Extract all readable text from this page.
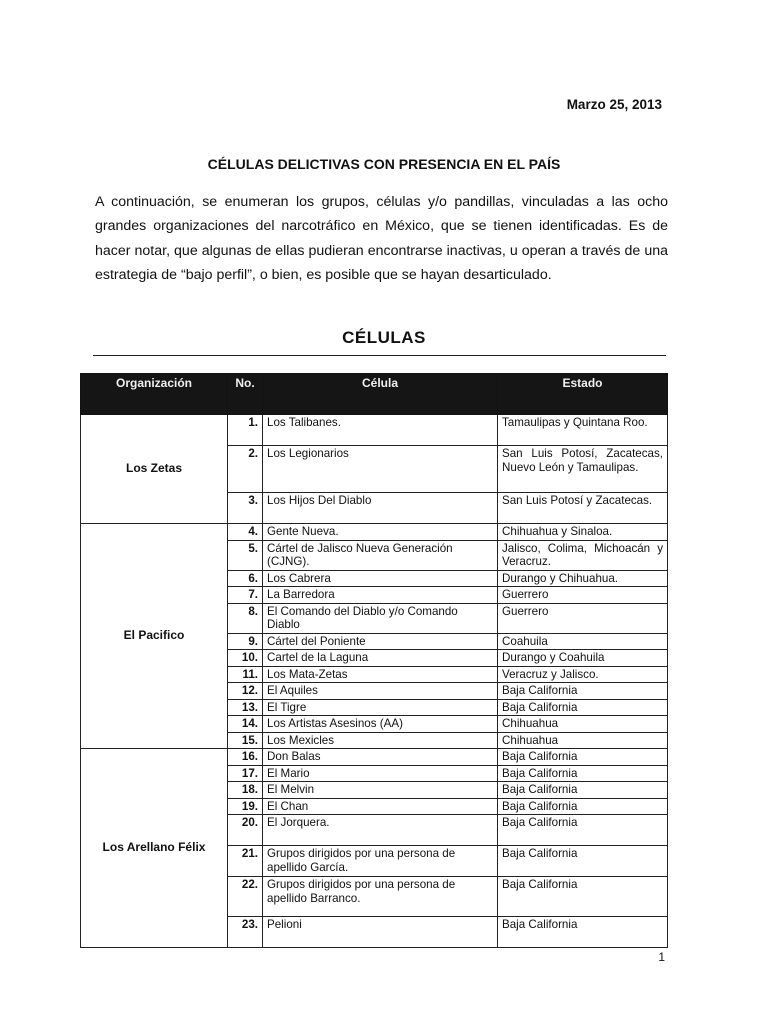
Marzo 25, 2013
CÉLULAS DELICTIVAS CON PRESENCIA EN EL PAÍS

A continuación, se enumeran los grupos, células y/o pandillas, vinculadas a las ocho grandes organizaciones del narcotráfico en México, que se tienen identificadas. Es de hacer notar, que algunas de ellas pudieran encontrarse inactivas, u operan a través de una estrategia de “bajo perfil”, o bien, es posible que se hayan desarticulado.

CÉLULAS
Organización	No.	Célula	Estado
Los Zetas	1.	Los Talibanes.	Tamaulipas y Quintana Roo.
	2.	Los Legionarios	San Luis Potosí, Zacatecas, Nuevo León y Tamaulipas.
	3.	Los Hijos Del Diablo	San Luis Potosí y Zacatecas.
El Pacifico	4.	Gente Nueva.	Chihuahua y Sinaloa.
	5.	Cártel de Jalisco Nueva Generación (CJNG).	Jalisco, Colima, Michoacán y Veracruz.
	6.	Los Cabrera	Durango y Chihuahua.
	7.	La Barredora	Guerrero
	8.	El Comando del Diablo y/o Comando Diablo	Guerrero
	9.	Cártel del Poniente	Coahuila
	10.	Cartel de la Laguna	Durango y Coahuila
	11.	Los Mata-Zetas	Veracruz y Jalisco.
	12.	El Aquiles	Baja California
	13.	El Tigre	Baja California
	14.	Los Artistas Asesinos (AA)	Chihuahua
	15.	Los Mexicles	Chihuahua
Los Arellano Félix	16.	Don Balas	Baja California
	17.	El Mario	Baja California
	18.	El Melvin	Baja California
	19.	El Chan	Baja California
	20.	El Jorquera.	Baja California
	21.	Grupos dirigidos por una persona de apellido García.	Baja California
	22.	Grupos dirigidos por una persona de apellido Barranco.	Baja California
	23.	Pelioni	Baja California
1
